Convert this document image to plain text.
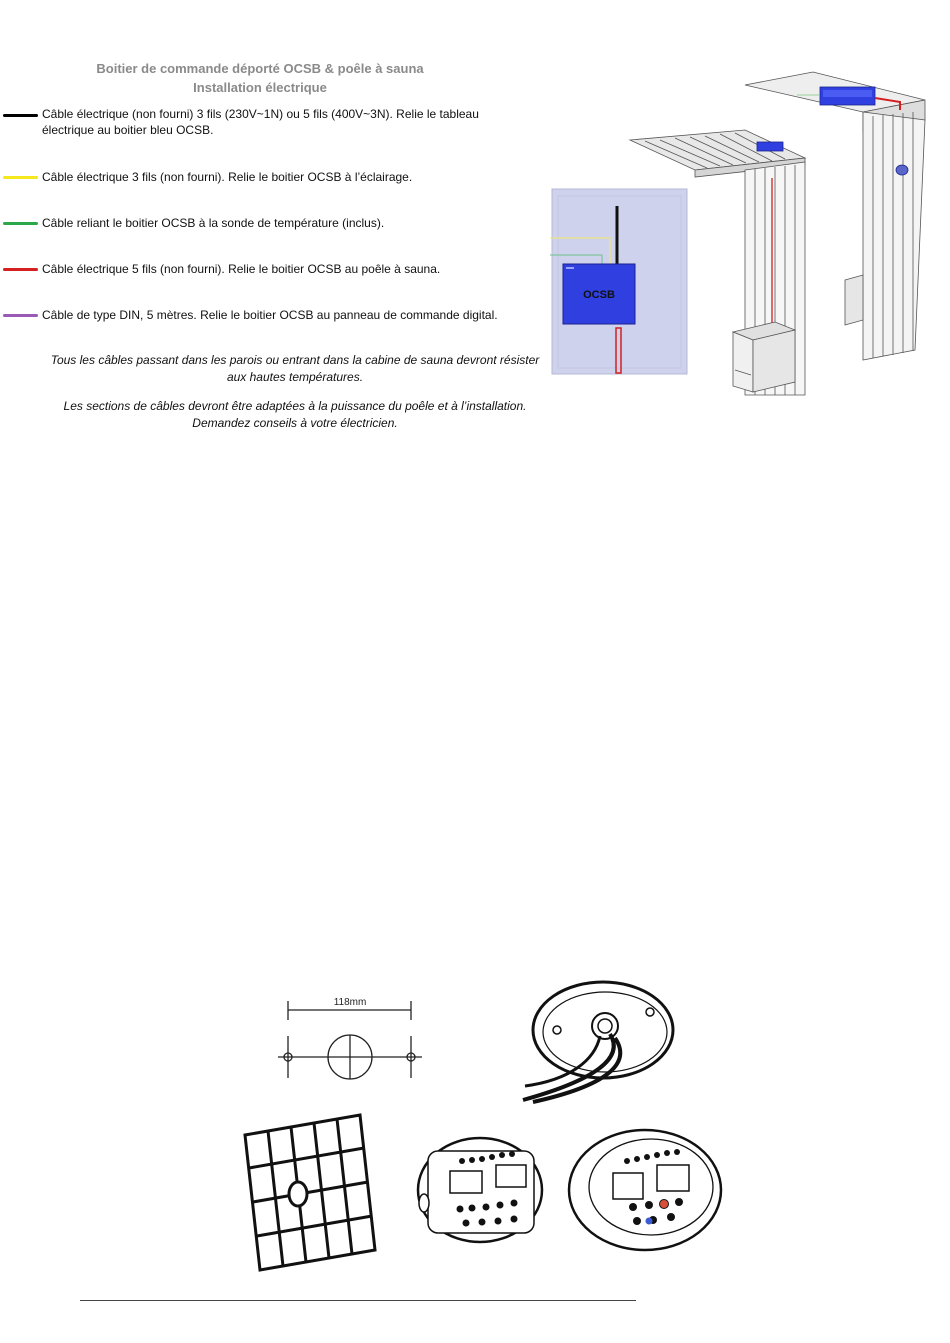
Boitier de commande déporté OCSB & poêle à sauna
Installation électrique
Câble électrique (non fourni) 3 fils (230V~1N) ou 5 fils (400V~3N). Relie le tableau électrique au boitier bleu OCSB.
Câble électrique 3 fils (non fourni). Relie le boitier OCSB à l’éclairage.
Câble reliant le boitier OCSB à la sonde de température (inclus).
Câble électrique 5 fils (non fourni). Relie le boitier OCSB au poêle à sauna.
Câble de type DIN, 5 mètres. Relie le boitier OCSB au panneau de commande digital.
Tous les câbles passant dans les parois ou entrant dans la cabine de sauna devront résister aux hautes températures.
Les sections de câbles devront être adaptées à la puissance du poêle et à l’installation. Demandez conseils à votre électricien.
OCSB
118mm
